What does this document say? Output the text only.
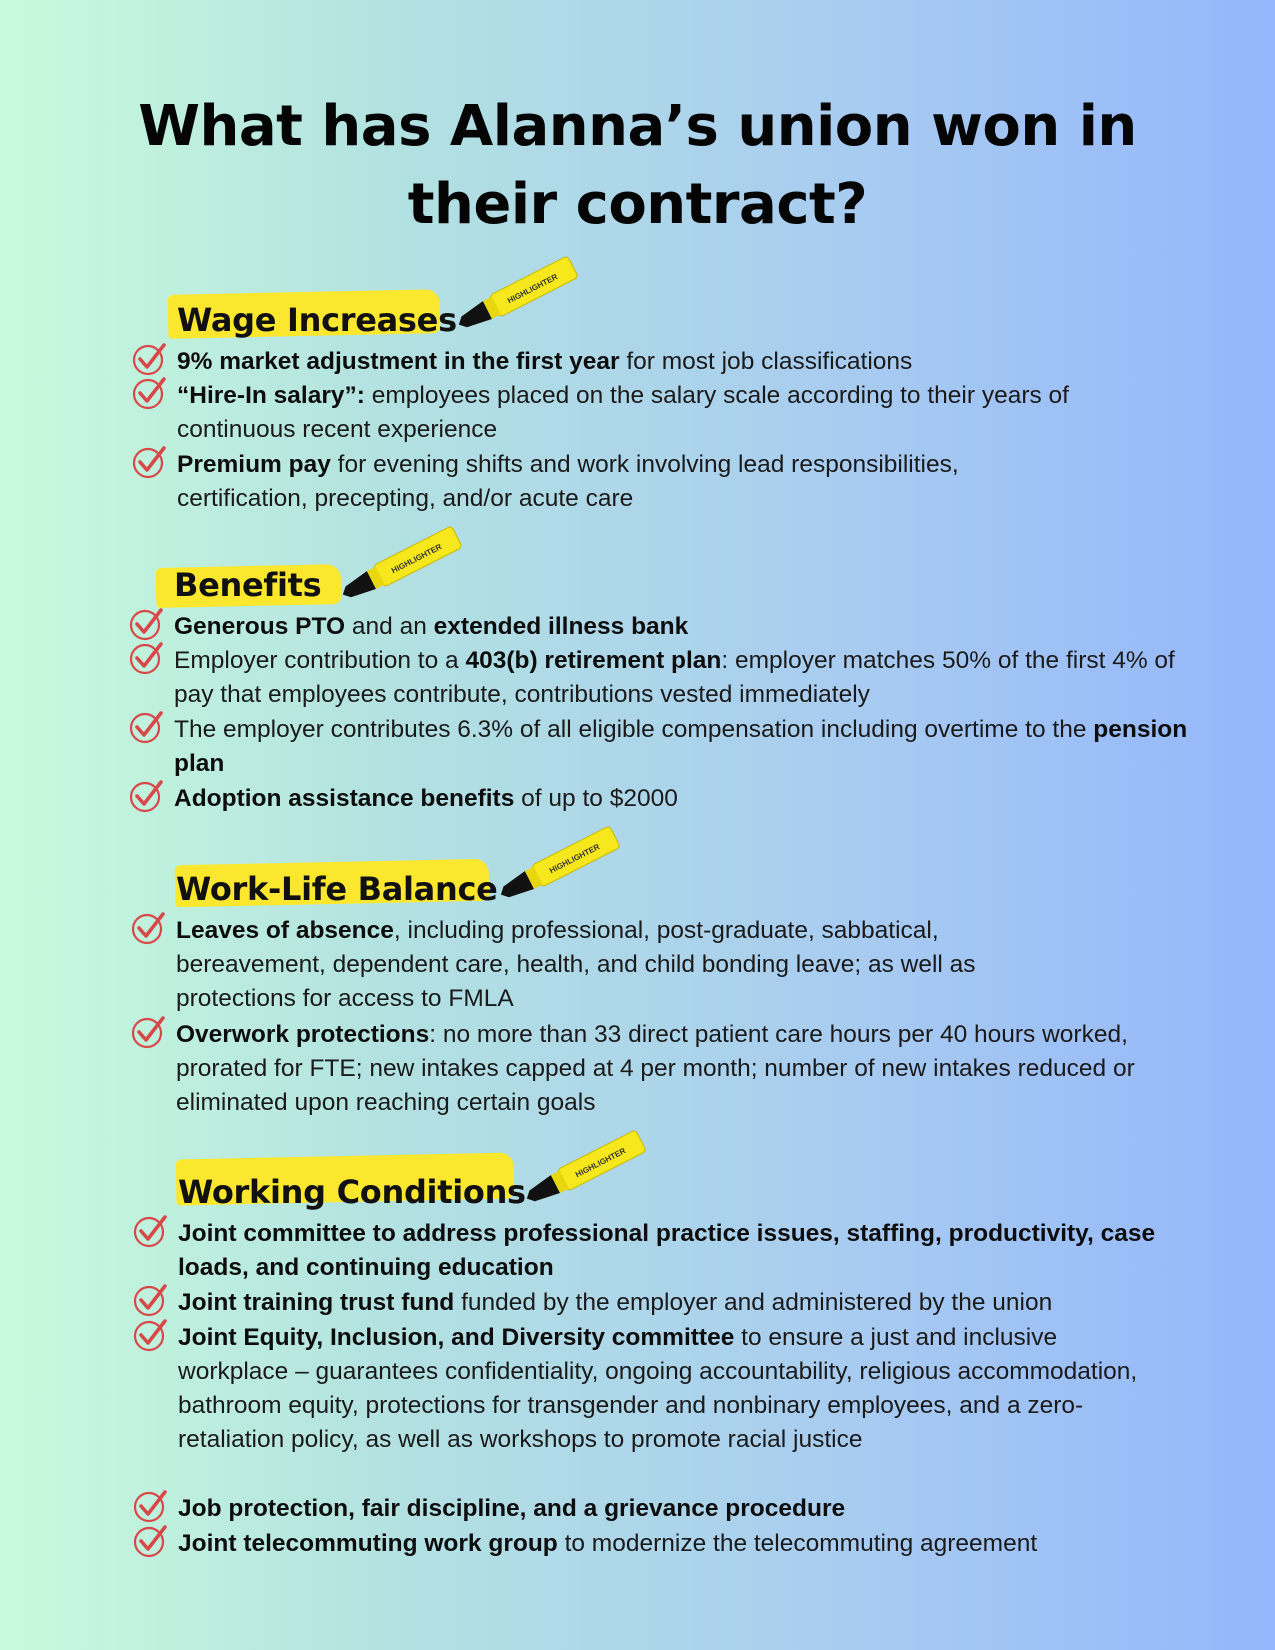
What has Alanna’s union won in their contract?
Wage Increases
HIGHLIGHTER
9% market adjustment in the first year for most job classifications
“Hire-In salary”: employees placed on the salary scale according to their years of continuous recent experience
Premium pay for evening shifts and work involving lead responsibilities, certification, precepting, and/or acute care
Benefits
HIGHLIGHTER
Generous PTO and an extended illness bank
Employer contribution to a 403(b) retirement plan: employer matches 50% of the first 4% of pay that employees contribute, contributions vested immediately
The employer contributes 6.3% of all eligible compensation including overtime to the pension plan
Adoption assistance benefits of up to $2000
Work-Life Balance
HIGHLIGHTER
Leaves of absence, including professional, post-graduate, sabbatical, bereavement, dependent care, health, and child bonding leave; as well as protections for access to FMLA
Overwork protections: no more than 33 direct patient care hours per 40 hours worked, prorated for FTE; new intakes capped at 4 per month; number of new intakes reduced or eliminated upon reaching certain goals
Working Conditions
HIGHLIGHTER
Joint committee to address professional practice issues, staffing, productivity, case loads, and continuing education
Joint training trust fund funded by the employer and administered by the union
Joint Equity, Inclusion, and Diversity committee to ensure a just and inclusive workplace – guarantees confidentiality, ongoing accountability, religious accommodation, bathroom equity, protections for transgender and nonbinary employees, and a zero-retaliation policy, as well as workshops to promote racial justice
Job protection, fair discipline, and a grievance procedure
Joint telecommuting work group to modernize the telecommuting agreement
